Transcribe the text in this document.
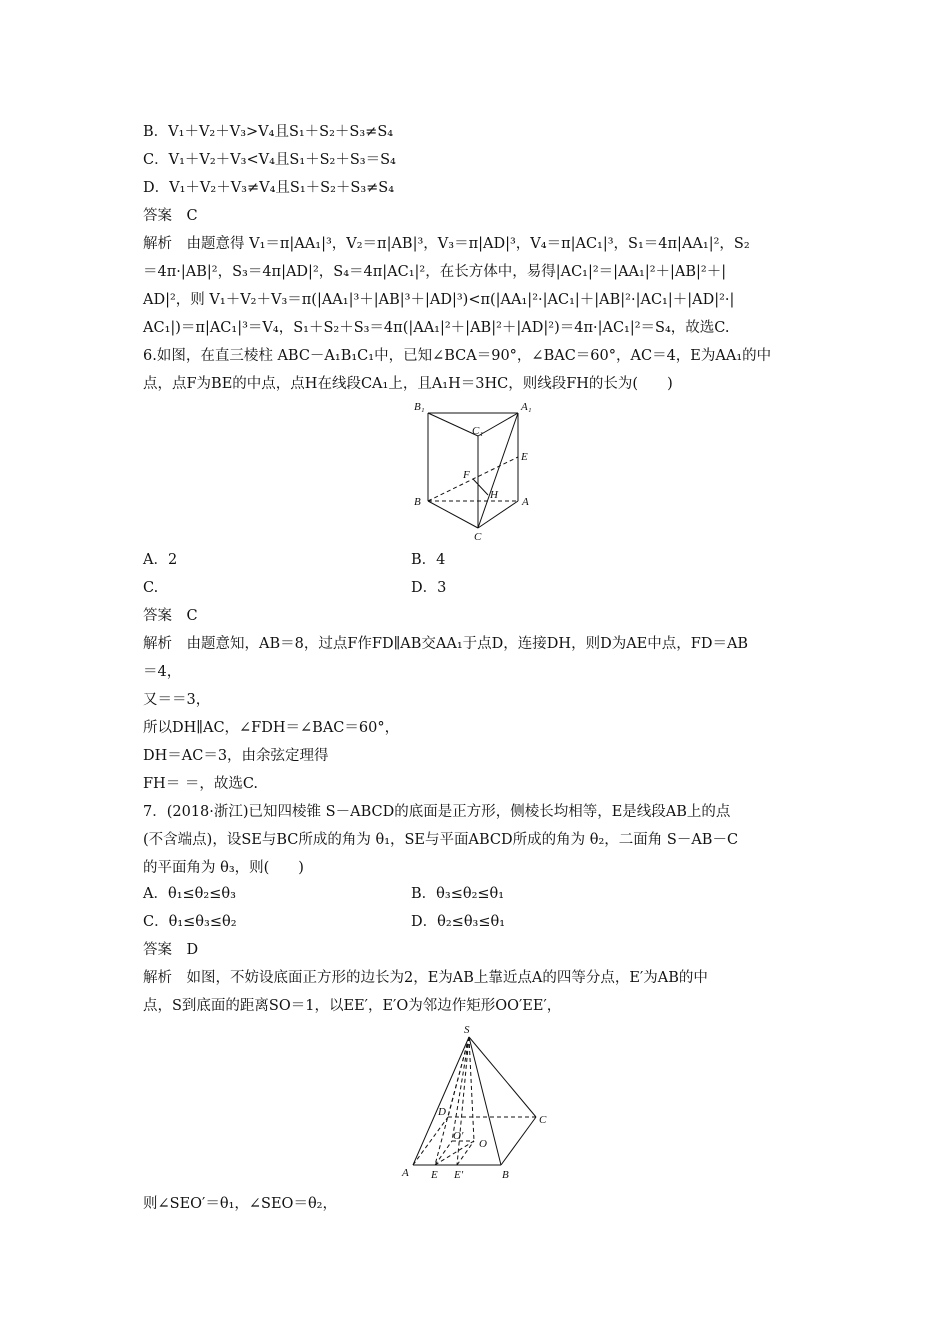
B．V₁＋V₂＋V₃>V₄且S₁＋S₂＋S₃≠S₄
C．V₁＋V₂＋V₃<V₄且S₁＋S₂＋S₃＝S₄
D．V₁＋V₂＋V₃≠V₄且S₁＋S₂＋S₃≠S₄
答案　C
解析　由题意得 V₁＝π|AA₁|³，V₂＝π|AB|³，V₃＝π|AD|³，V₄＝π|AC₁|³，S₁＝4π|AA₁|²，S₂
＝4π·|AB|²，S₃＝4π|AD|²，S₄＝4π|AC₁|²，在长方体中，易得|AC₁|²＝|AA₁|²＋|AB|²＋|
AD|²，则 V₁＋V₂＋V₃＝π(|AA₁|³＋|AB|³＋|AD|³)<π(|AA₁|²·|AC₁|＋|AB|²·|AC₁|＋|AD|²·|
AC₁|)＝π|AC₁|³＝V₄，S₁＋S₂＋S₃＝4π(|AA₁|²＋|AB|²＋|AD|²)＝4π·|AC₁|²＝S₄，故选C.
6.如图，在直三棱柱 ABC－A₁B₁C₁中，已知∠BCA＝90°，∠BAC＝60°，AC＝4，E为AA₁的中
点，点F为BE的中点，点H在线段CA₁上，且A₁H＝3HC，则线段FH的长为(　　)
B₁	A₁
C₁
E
F
H
B	A
C
A．2	B．4
C.	D．3
答案　C
解析　由题意知，AB＝8，过点F作FD∥AB交AA₁于点D，连接DH，则D为AE中点，FD＝AB
＝4，
又＝＝3，
所以DH∥AC，∠FDH＝∠BAC＝60°，
DH＝AC＝3，由余弦定理得
FH＝ ＝，故选C.
7．(2018·浙江)已知四棱锥 S－ABCD的底面是正方形，侧棱长均相等，E是线段AB上的点
(不含端点)，设SE与BC所成的角为 θ₁，SE与平面ABCD所成的角为 θ₂，二面角 S－AB－C
的平面角为 θ₃，则(　　)
A．θ₁≤θ₂≤θ₃	B．θ₃≤θ₂≤θ₁
C．θ₁≤θ₃≤θ₂	D．θ₂≤θ₃≤θ₁
答案　D
解析　如图，不妨设底面正方形的边长为2，E为AB上靠近点A的四等分点，E′为AB的中
点，S到底面的距离SO＝1，以EE′，E′O为邻边作矩形OO′EE′，
S
D
C
O′
O
A E E′	B
则∠SEO′＝θ₁，∠SEO＝θ₂，
